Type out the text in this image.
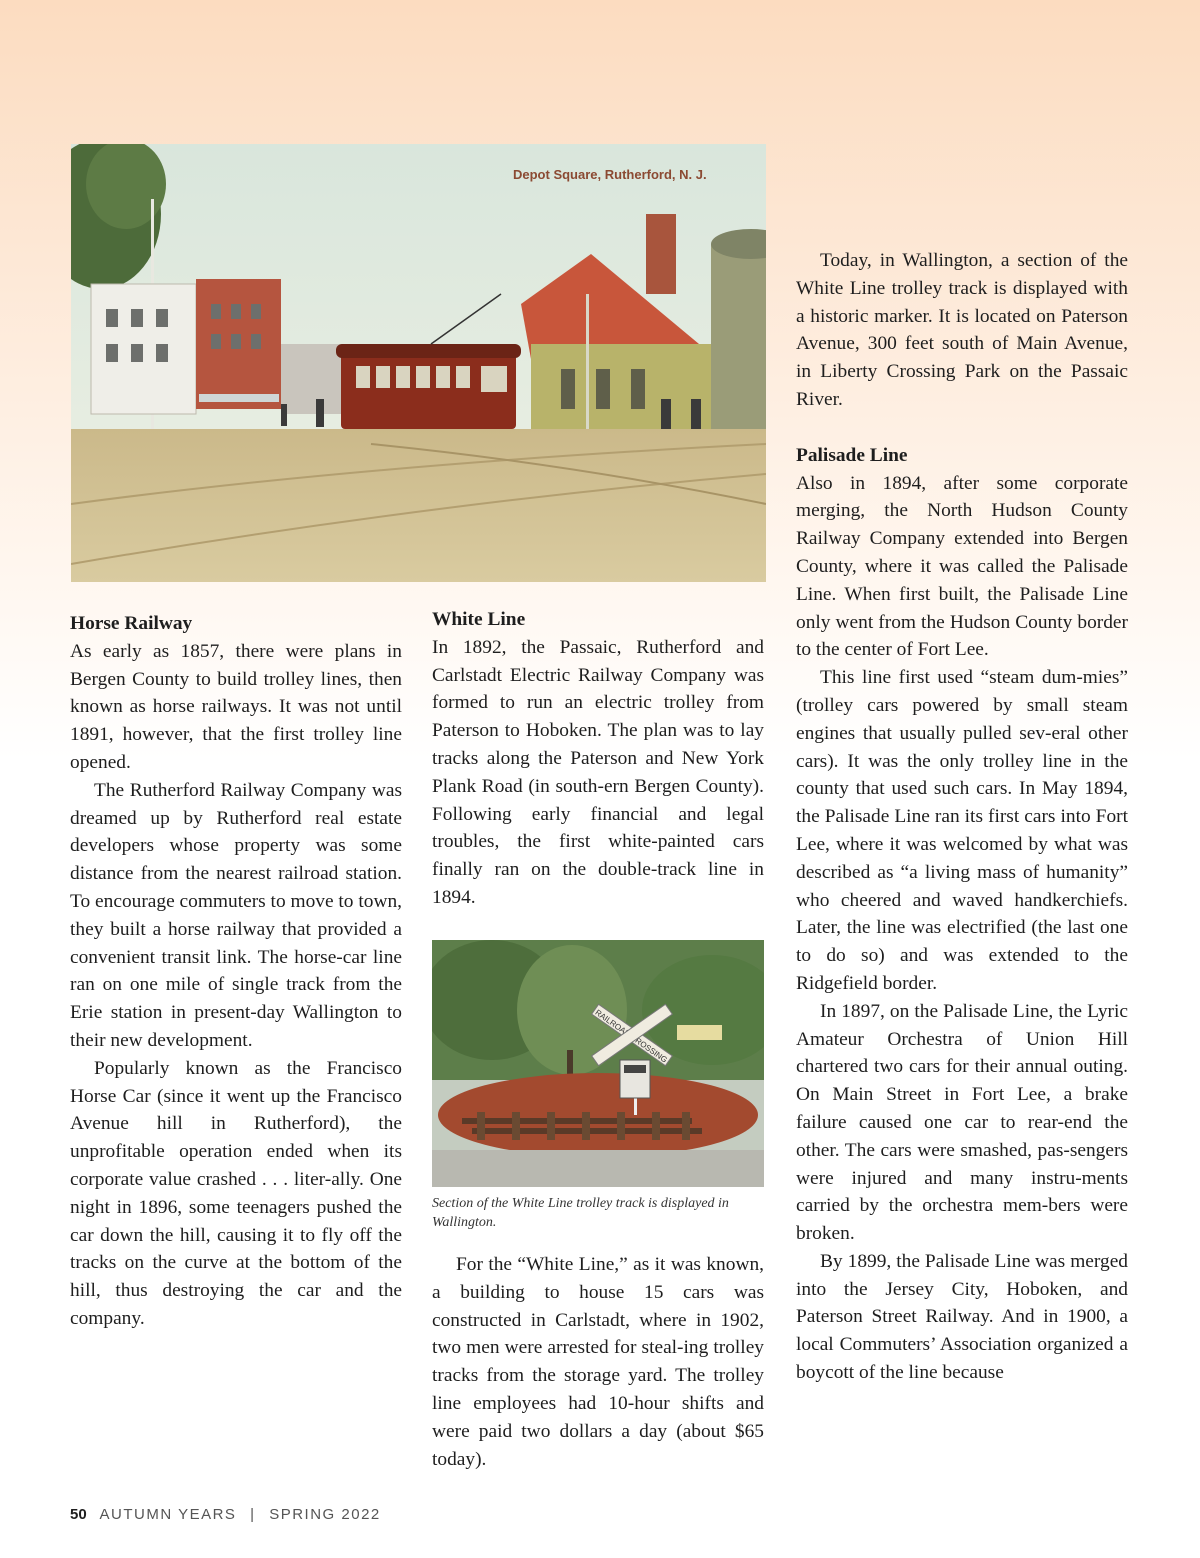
Depot Square, Rutherford, N. J.
Horse Railway

As early as 1857, there were plans in Bergen County to build trolley lines, then known as horse railways. It was not until 1891, however, that the first trolley line opened.

The Rutherford Railway Company was dreamed up by Rutherford real estate developers whose property was some distance from the nearest railroad station. To encourage commuters to move to town, they built a horse railway that provided a convenient transit link. The horse-car line ran on one mile of single track from the Erie station in present-day Wallington to their new development.

Popularly known as the Francisco Horse Car (since it went up the Francisco Avenue hill in Rutherford), the unprofitable operation ended when its corporate value crashed . . . liter-ally. One night in 1896, some teenagers pushed the car down the hill, causing it to fly off the tracks on the curve at the bottom of the hill, thus destroying the car and the company.

White Line

In 1892, the Passaic, Rutherford and Carlstadt Electric Railway Company was formed to run an electric trolley from Paterson to Hoboken. The plan was to lay tracks along the Paterson and New York Plank Road (in south-ern Bergen County). Following early financial and legal troubles, the first white-painted cars finally ran on the double-track line in 1894.

Section of the White Line trolley track is displayed in Wallington.

For the “White Line,” as it was known, a building to house 15 cars was constructed in Carlstadt, where in 1902, two men were arrested for steal-ing trolley tracks from the storage yard. The trolley line employees had 10-hour shifts and were paid two dollars a day (about $65 today).

Today, in Wallington, a section of the White Line trolley track is displayed with a historic marker. It is located on Paterson Avenue, 300 feet south of Main Avenue, in Liberty Crossing Park on the Passaic River.

Palisade Line

Also in 1894, after some corporate merging, the North Hudson County Railway Company extended into Bergen County, where it was called the Palisade Line. When first built, the Palisade Line only went from the Hudson County border to the center of Fort Lee.

This line first used “steam dum-mies” (trolley cars powered by small steam engines that usually pulled sev-eral other cars). It was the only trolley line in the county that used such cars. In May 1894, the Palisade Line ran its first cars into Fort Lee, where it was welcomed by what was described as “a living mass of humanity” who cheered and waved handkerchiefs. Later, the line was electrified (the last one to do so) and was extended to the Ridgefield border.

In 1897, on the Palisade Line, the Lyric Amateur Orchestra of Union Hill chartered two cars for their annual outing. On Main Street in Fort Lee, a brake failure caused one car to rear-end the other. The cars were smashed, pas-sengers were injured and many instru-ments carried by the orchestra mem-bers were broken.

By 1899, the Palisade Line was merged into the Jersey City, Hoboken, and Paterson Street Railway. And in 1900, a local Commuters’ Association organized a boycott of the line because

50 AUTUMN YEARS | SPRING 2022
